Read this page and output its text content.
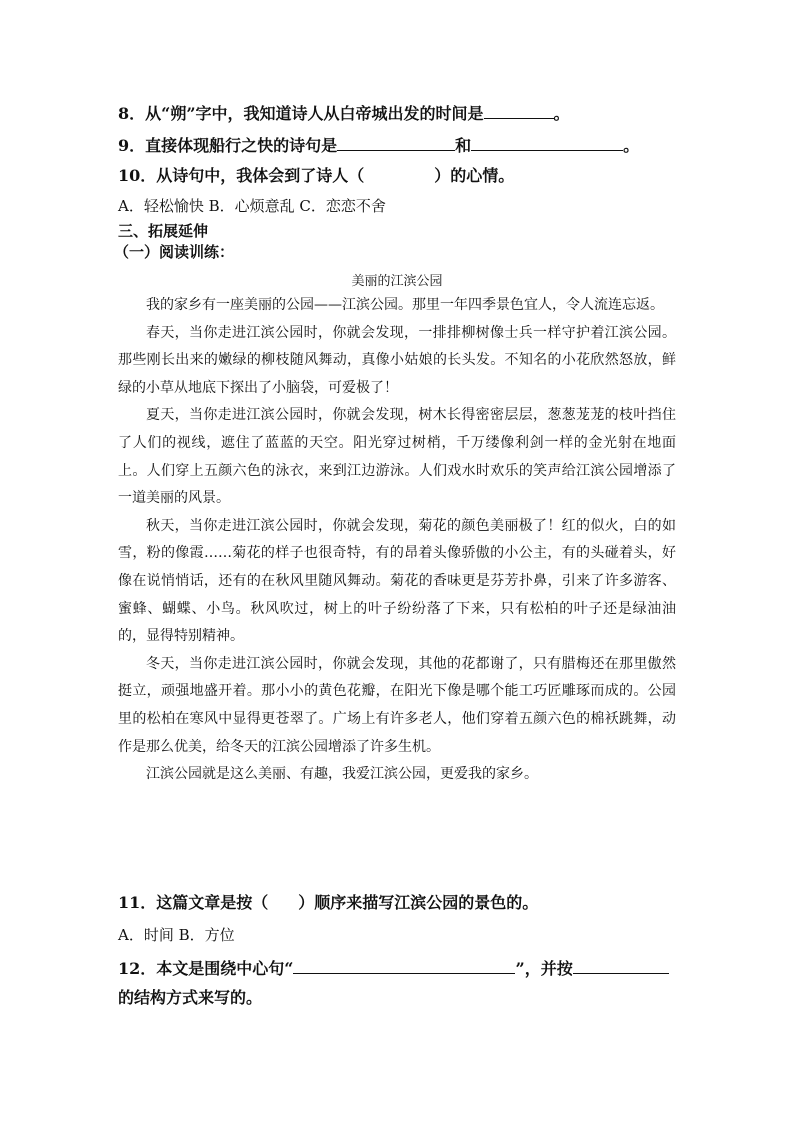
8．从“朔”字中，我知道诗人从白帝城出发的时间是	。
9．直接体现船行之快的诗句是	和	。
10．从诗句中，我体会到了诗人（	）的心情。
A．轻松愉快 B．心烦意乱 C．恋恋不舍
三、拓展延伸
（一）阅读训练：
美丽的江滨公园

我的家乡有一座美丽的公园——江滨公园。那里一年四季景色宜人，令人流连忘返。

春天，当你走进江滨公园时，你就会发现，一排排柳树像士兵一样守护着江滨公园。那些刚长出来的嫩绿的柳枝随风舞动，真像小姑娘的长头发。不知名的小花欣然怒放，鲜绿的小草从地底下探出了小脑袋，可爱极了！

夏天，当你走进江滨公园时，你就会发现，树木长得密密层层，葱葱茏茏的枝叶挡住了人们的视线，遮住了蓝蓝的天空。阳光穿过树梢，千万缕像利剑一样的金光射在地面上。人们穿上五颜六色的泳衣，来到江边游泳。人们戏水时欢乐的笑声给江滨公园增添了一道美丽的风景。

秋天，当你走进江滨公园时，你就会发现，菊花的颜色美丽极了！红的似火，白的如雪，粉的像霞……菊花的样子也很奇特，有的昂着头像骄傲的小公主，有的头碰着头，好像在说悄悄话，还有的在秋风里随风舞动。菊花的香味更是芬芳扑鼻，引来了许多游客、蜜蜂、蝴蝶、小鸟。秋风吹过，树上的叶子纷纷落了下来，只有松柏的叶子还是绿油油的，显得特别精神。

冬天，当你走进江滨公园时，你就会发现，其他的花都谢了，只有腊梅还在那里傲然挺立，顽强地盛开着。那小小的黄色花瓣，在阳光下像是哪个能工巧匠雕琢而成的。公园里的松柏在寒风中显得更苍翠了。广场上有许多老人，他们穿着五颜六色的棉袄跳舞，动作是那么优美，给冬天的江滨公园增添了许多生机。

江滨公园就是这么美丽、有趣，我爱江滨公园，更爱我的家乡。

11．这篇文章是按（ ）顺序来描写江滨公园的景色的。
A．时间 B．方位
12．本文是围绕中心句“	”，并按
的结构方式来写的。
